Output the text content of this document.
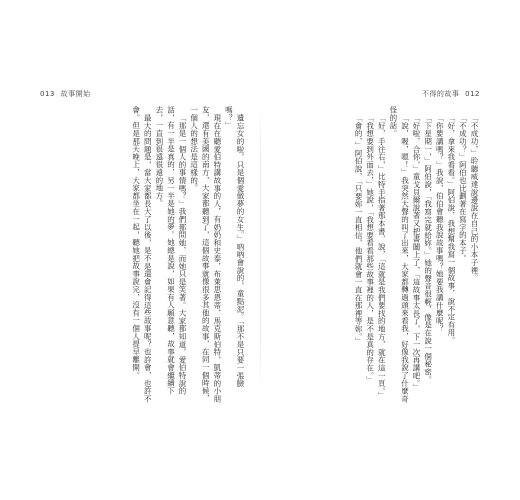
013 故事開始

遺忘女的啦，只是個愛做夢的女生。」吶吶會說的，童點泥。「那不是只要一張臉嗎？」

現在在聽愛伯特講故事的人，有奶奶和史泰，布萊思恩蒂，馬克斯伯特，凱蒂的小朋友，還有美國的南方，大家都聽到了，這個故事就像很多其他的故事，在同一個時候，一個人的想法是這樣的。

「那是一個人的事情嗎？」我們都問她，而她只是笑著。大家都知道，愛伯特說的話，有一半是真的，另一半是她的夢。她總是說，如果有人願意聽，故事就會繼續下去，一直到很遠很遠的地方。

最大的問題是，當大家都長大了以後，是不是還會記得這些故事呢？也許會，也許不會。但是那天晚上，大家都坐在一起，聽她把故事說完，沒有一個人提早離開。

不得的故事 012

「不成功，」聆聽威達說邊說在自己的小本子裡。

「不成功？」阿伯也比劃著在寫字的本子。

「好，拿來我看看。」阿伯說，我想幫我寫一個故事，說不定有用。

「你要講嗎？」我說，伯伯會聽我說故事嗎？她要我講什麼呢？

「下星期一，」阿伯說，「我寫完就給妳。」她的聲音很輕，像是在說一個秘密。

「好啦，合你，」童戈貝爾說著又把書闔上了，「這故事太長了，下一次再講吧。」

「說，喔，嗯！」我突然大聲的叫了出來，大家都轉過頭來看我，好像我說了什麼奇怪的話。

「好，手往右，」比特手指著那本書，說，「這就是我們要找的地方，就在這一頁。」

「我想要到外面去，」她說，「我想要看看那些故事裡的人，是不是真的存在。」

「會的，」阿伯說，「只要妳一直相信，他們就會一直在那裡等妳。」
